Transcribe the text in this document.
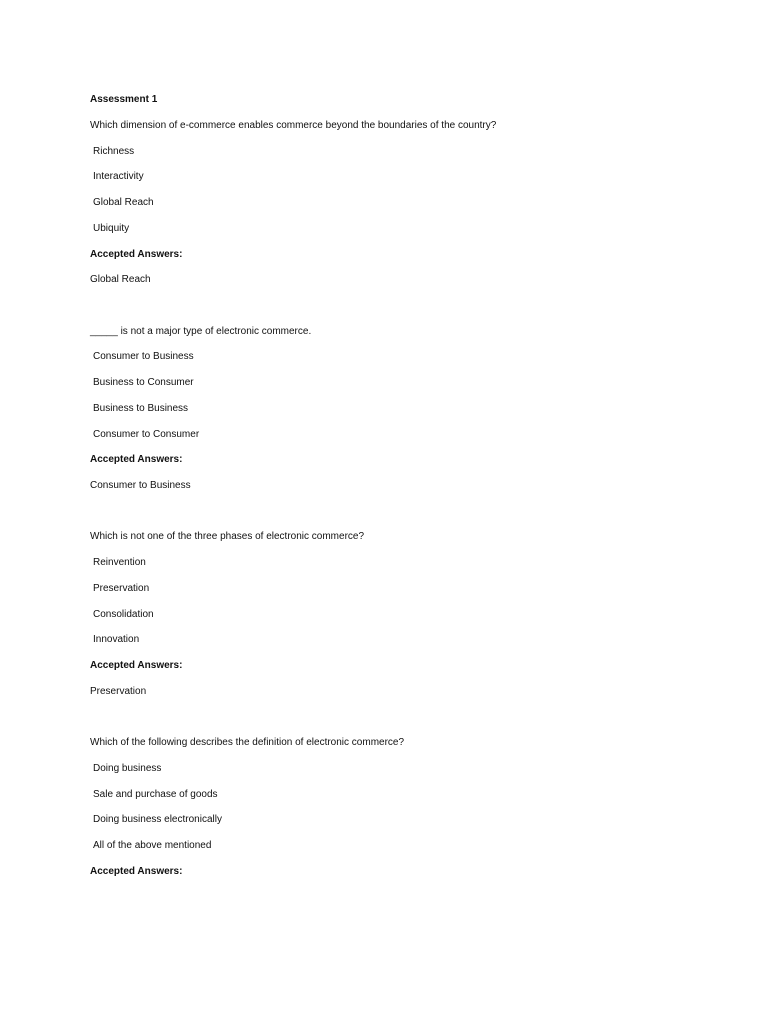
Assessment 1
Which dimension of e-commerce enables commerce beyond the boundaries of the country?
Richness
Interactivity
Global Reach
Ubiquity
Accepted Answers:
Global Reach
_____ is not a major type of electronic commerce.
Consumer to Business
Business to Consumer
Business to Business
Consumer to Consumer
Accepted Answers:
Consumer to Business
Which is not one of the three phases of electronic commerce?
Reinvention
Preservation
Consolidation
Innovation
Accepted Answers:
Preservation
Which of the following describes the definition of electronic commerce?
Doing business
Sale and purchase of goods
Doing business electronically
All of the above mentioned
Accepted Answers:
